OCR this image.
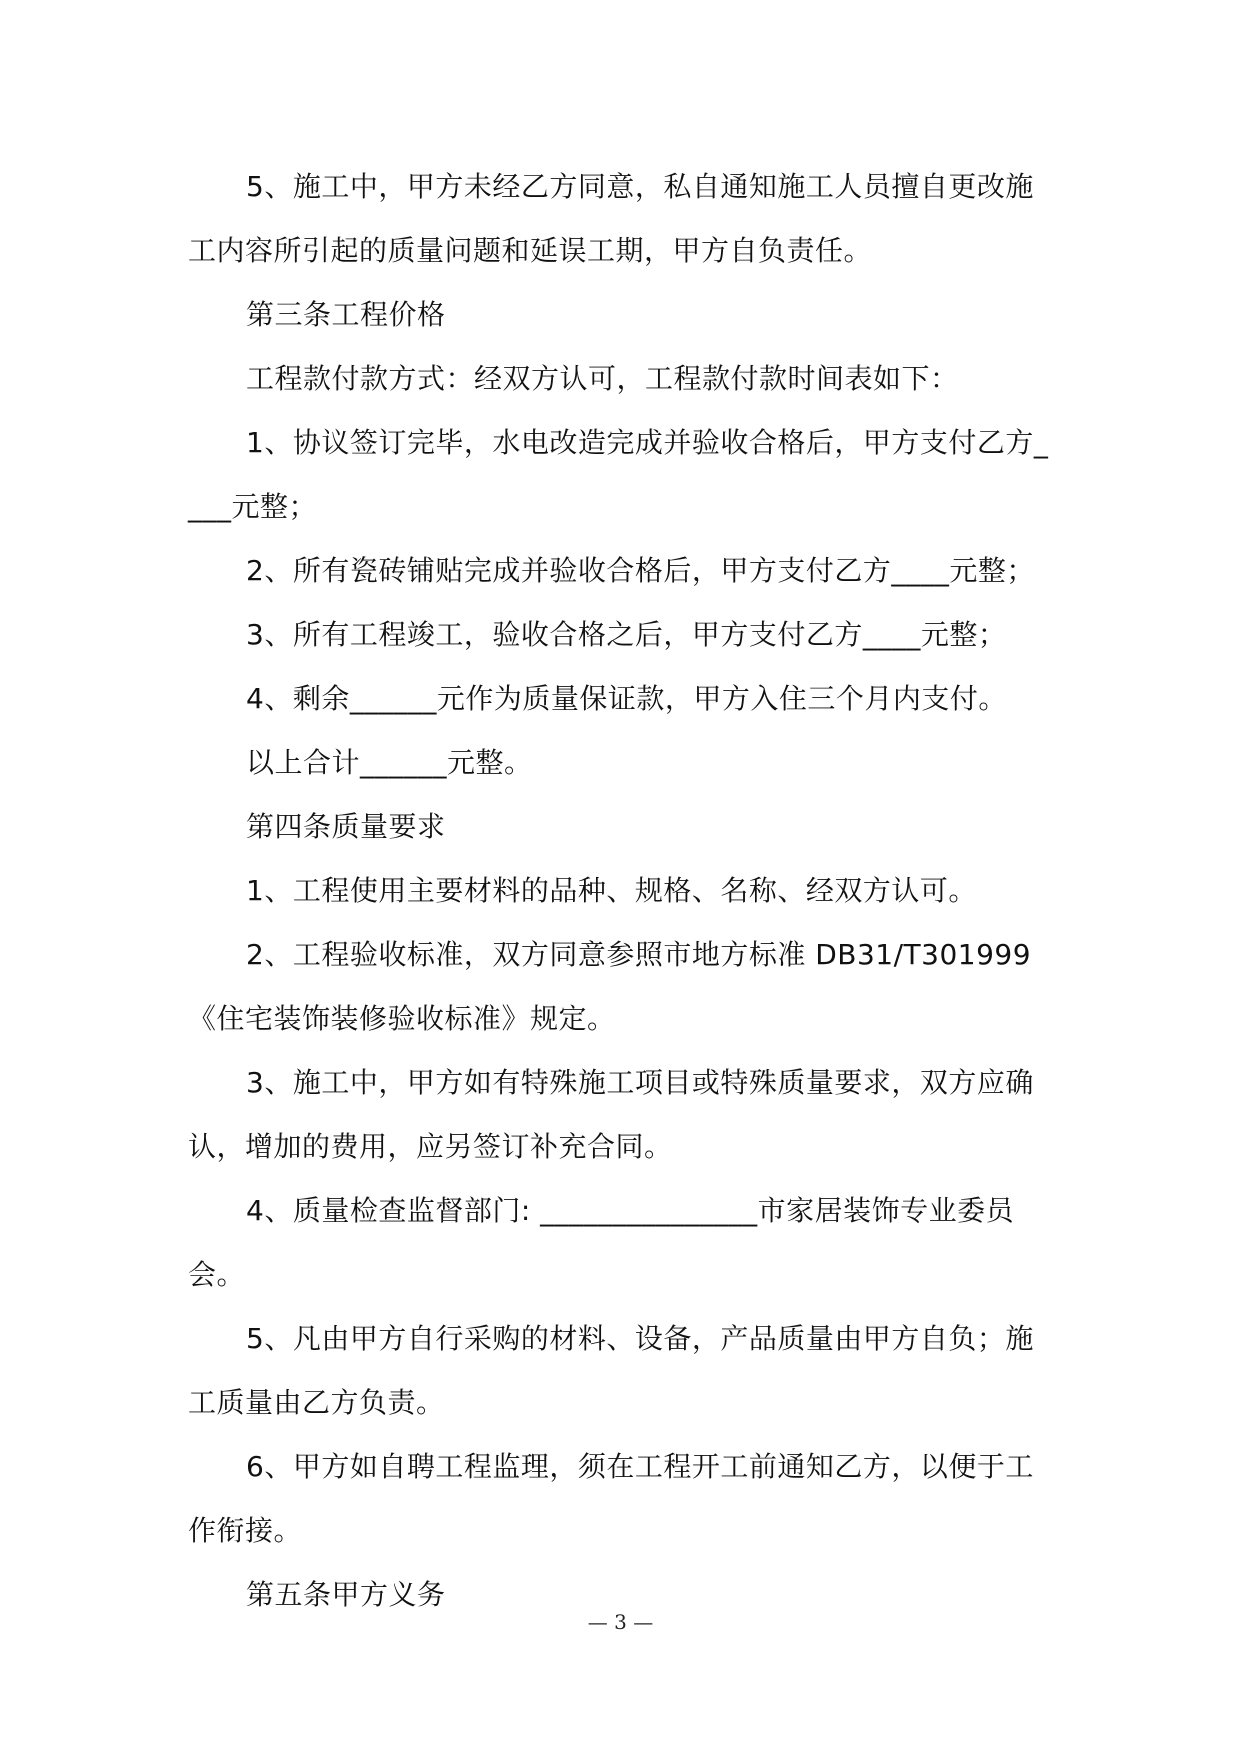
5、施工中，甲方未经乙方同意，私自通知施工人员擅自更改施工内容所引起的质量问题和延误工期，甲方自负责任。

第三条工程价格

工程款付款方式：经双方认可，工程款付款时间表如下：

1、协议签订完毕，水电改造完成并验收合格后，甲方支付乙方____元整；

2、所有瓷砖铺贴完成并验收合格后，甲方支付乙方____元整；

3、所有工程竣工，验收合格之后，甲方支付乙方____元整；

4、剩余______元作为质量保证款，甲方入住三个月内支付。

以上合计______元整。

第四条质量要求

1、工程使用主要材料的品种、规格、名称、经双方认可。

2、工程验收标准，双方同意参照市地方标准 DB31/T301999《住宅装饰装修验收标准》规定。

3、施工中，甲方如有特殊施工项目或特殊质量要求，双方应确认，增加的费用，应另签订补充合同。

4、质量检查监督部门: _______________市家居装饰专业委员会。

5、凡由甲方自行采购的材料、设备，产品质量由甲方自负；施工质量由乙方负责。

6、甲方如自聘工程监理，须在工程开工前通知乙方，以便于工作衔接。

第五条甲方义务

— 3 —
